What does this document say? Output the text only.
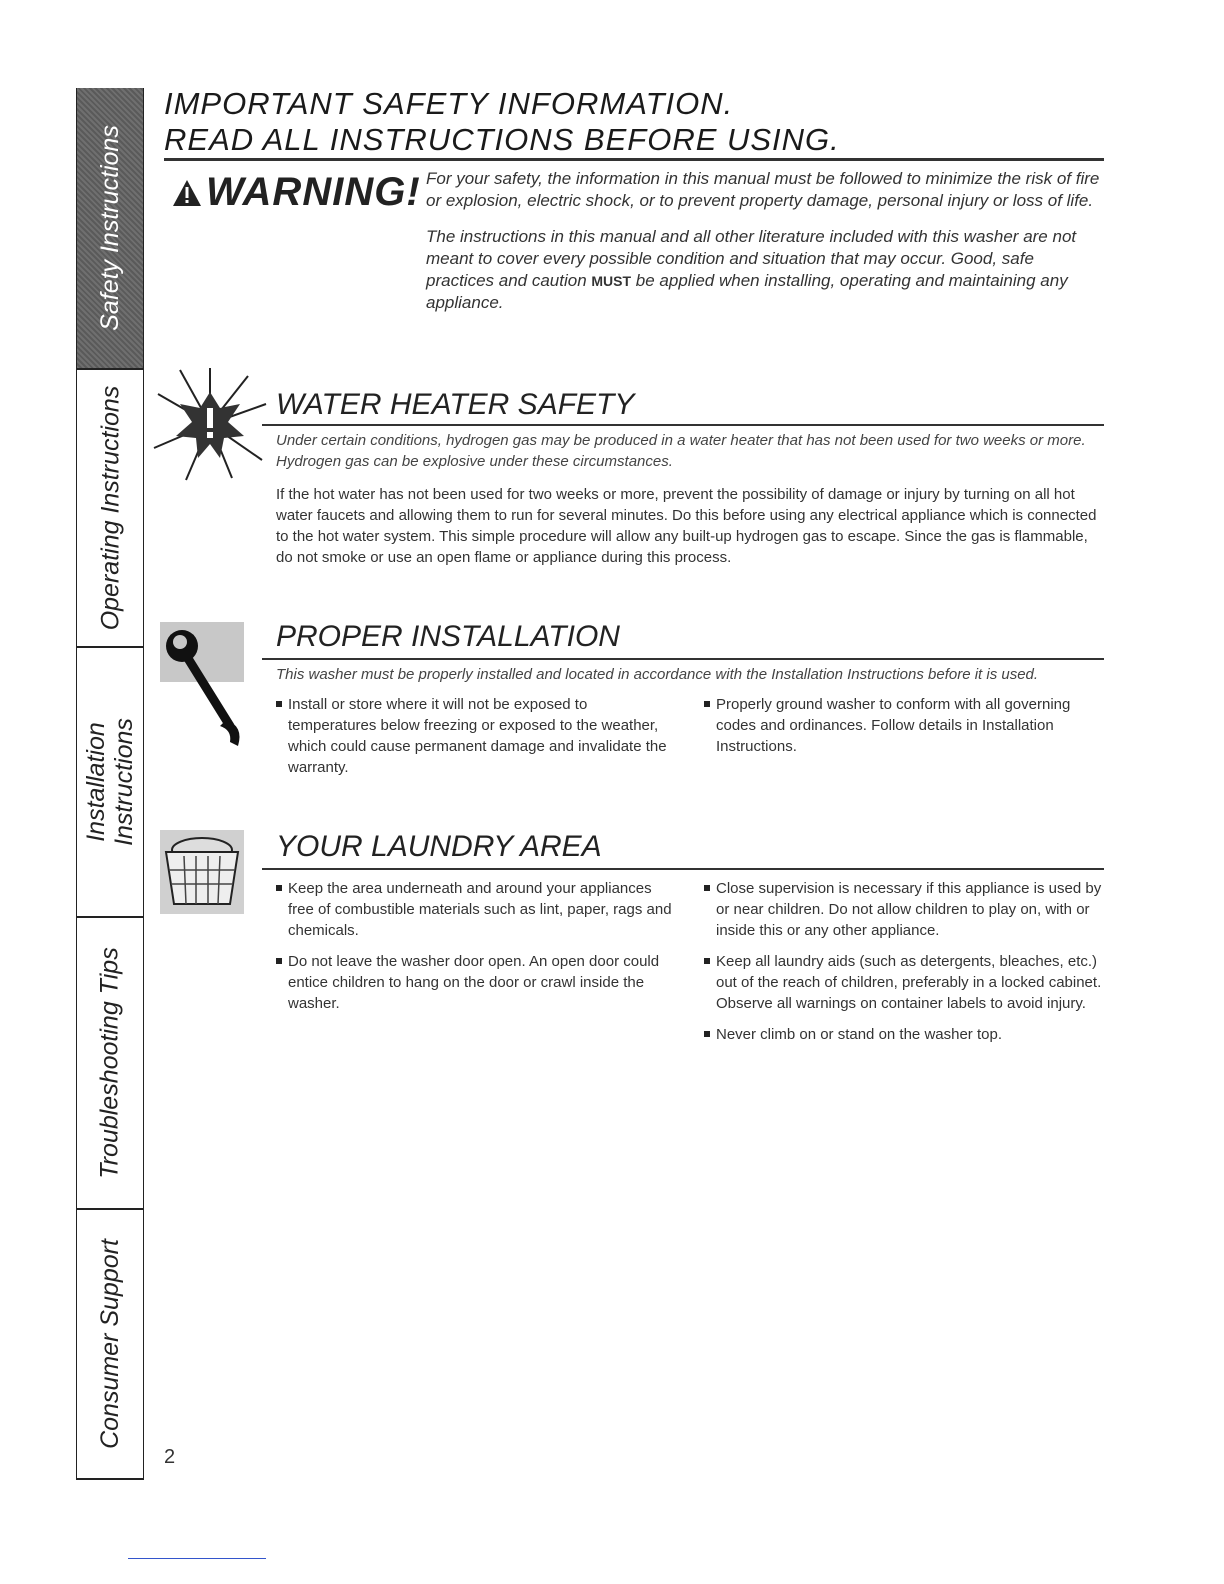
Safety Instructions
Operating Instructions
Installation Instructions
Troubleshooting Tips
Consumer Support
IMPORTANT SAFETY INFORMATION.
READ ALL INSTRUCTIONS BEFORE USING.
WARNING! For your safety, the information in this manual must be followed to minimize the risk of fire or explosion, electric shock, or to prevent property damage, personal injury or loss of life.

The instructions in this manual and all other literature included with this washer are not meant to cover every possible condition and situation that may occur. Good, safe practices and caution MUST be applied when installing, operating and maintaining any appliance.

WATER HEATER SAFETY
Under certain conditions, hydrogen gas may be produced in a water heater that has not been used for two weeks or more. Hydrogen gas can be explosive under these circumstances.
If the hot water has not been used for two weeks or more, prevent the possibility of damage or injury by turning on all hot water faucets and allowing them to run for several minutes. Do this before using any electrical appliance which is connected to the hot water system. This simple procedure will allow any built-up hydrogen gas to escape. Since the gas is flammable, do not smoke or use an open flame or appliance during this process.
PROPER INSTALLATION
This washer must be properly installed and located in accordance with the Installation Instructions before it is used.
Install or store where it will not be exposed to temperatures below freezing or exposed to the weather, which could cause permanent damage and invalidate the warranty.
Properly ground washer to conform with all governing codes and ordinances. Follow details in Installation Instructions.
YOUR LAUNDRY AREA
Keep the area underneath and around your appliances free of combustible materials such as lint, paper, rags and chemicals.
Do not leave the washer door open. An open door could entice children to hang on the door or crawl inside the washer.
Close supervision is necessary if this appliance is used by or near children. Do not allow children to play on, with or inside this or any other appliance.
Keep all laundry aids (such as detergents, bleaches, etc.) out of the reach of children, preferably in a locked cabinet. Observe all warnings on container labels to avoid injury.
Never climb on or stand on the washer top.
2
